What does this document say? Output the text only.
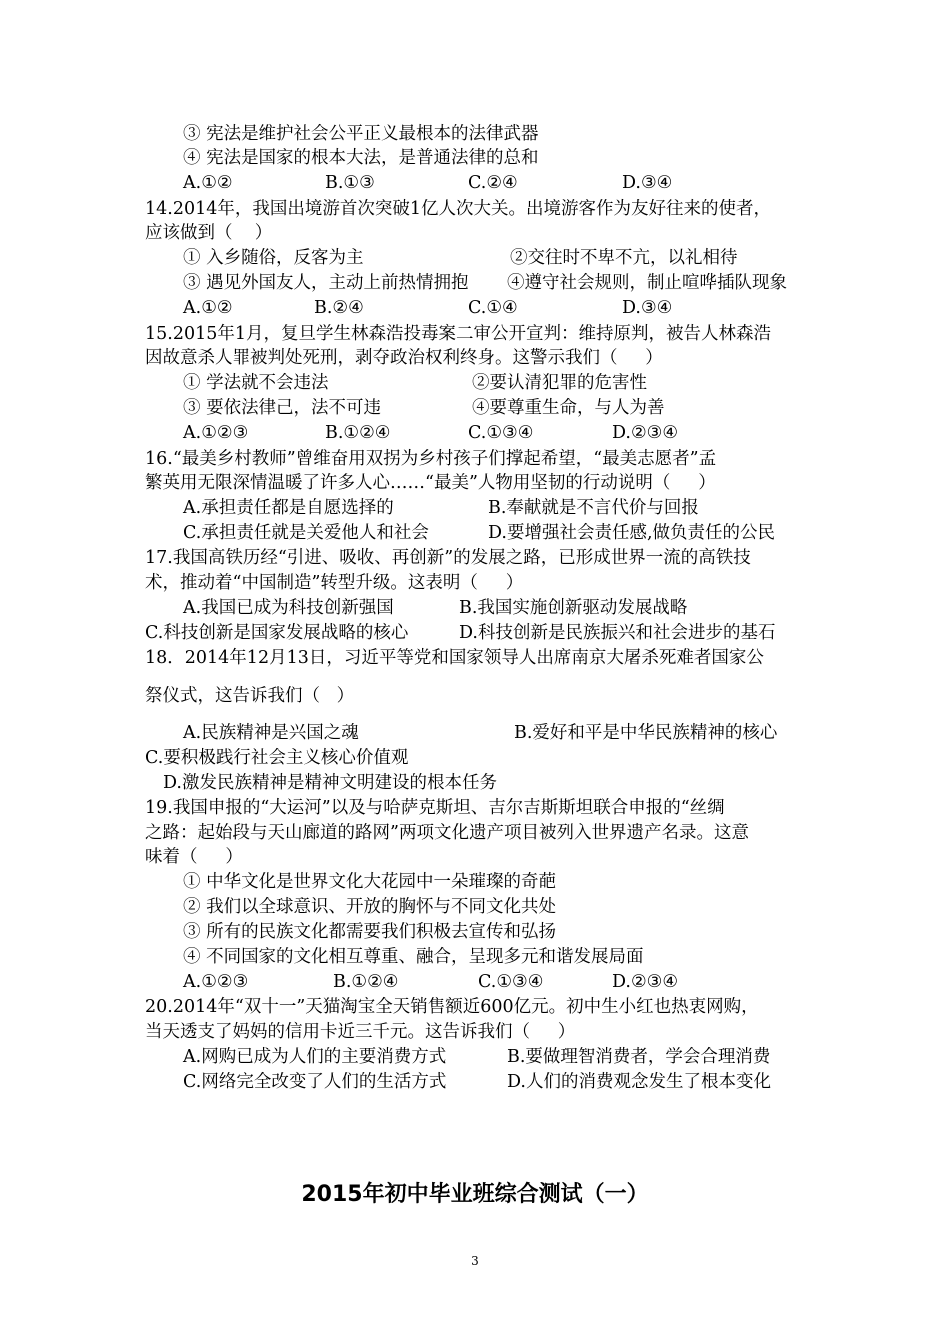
③ 宪法是维护社会公平正义最根本的法律武器
④ 宪法是国家的根本大法，是普通法律的总和
A.①②	B.①③	C.②④	D.③④
14.2014年，我国出境游首次突破1亿人次大关。出境游客作为友好往来的使者，
应该做到（    ）
① 入乡随俗，反客为主	②交往时不卑不亢，以礼相待
③ 遇见外国友人，主动上前热情拥抱 ④遵守社会规则，制止喧哗插队现象
A.①②	B.②④	C.①④	D.③④
15.2015年1月，复旦学生林森浩投毒案二审公开宣判：维持原判，被告人林森浩
因故意杀人罪被判处死刑，剥夺政治权利终身。这警示我们（     ）
① 学法就不会违法	②要认清犯罪的危害性
③ 要依法律己，法不可违	④要尊重生命，与人为善
A.①②③	B.①②④	C.①③④	D.②③④
16.“最美乡村教师”曾维奋用双拐为乡村孩子们撑起希望，“最美志愿者”孟
繁英用无限深情温暖了许多人心……“最美”人物用坚韧的行动说明（     ）
A.承担责任都是自愿选择的	B.奉献就是不言代价与回报
C.承担责任就是关爱他人和社会	D.要增强社会责任感,做负责任的公民
17.我国高铁历经“引进、吸收、再创新”的发展之路，已形成世界一流的高铁技
术，推动着“中国制造”转型升级。这表明（     ）
A.我国已成为科技创新强国	B.我国实施创新驱动发展战略
C.科技创新是国家发展战略的核心	D.科技创新是民族振兴和社会进步的基石
18．2014年12月13日，习近平等党和国家领导人出席南京大屠杀死难者国家公
祭仪式，这告诉我们（   ）
A.民族精神是兴国之魂	B.爱好和平是中华民族精神的核心
C.要积极践行社会主义核心价值观
D.激发民族精神是精神文明建设的根本任务
19.我国申报的“大运河”以及与哈萨克斯坦、吉尔吉斯斯坦联合申报的“丝绸
之路：起始段与天山廊道的路网”两项文化遗产项目被列入世界遗产名录。这意
味着（     ）
① 中华文化是世界文化大花园中一朵璀璨的奇葩
② 我们以全球意识、开放的胸怀与不同文化共处
③ 所有的民族文化都需要我们积极去宣传和弘扬
④ 不同国家的文化相互尊重、融合，呈现多元和谐发展局面
A.①②③	B.①②④	C.①③④	D.②③④
20.2014年“双十一”天猫淘宝全天销售额近600亿元。初中生小红也热衷网购，
当天透支了妈妈的信用卡近三千元。这告诉我们（     ）
A.网购已成为人们的主要消费方式	B.要做理智消费者，学会合理消费
C.网络完全改变了人们的生活方式	D.人们的消费观念发生了根本变化
2015年初中毕业班综合测试（一）
3
